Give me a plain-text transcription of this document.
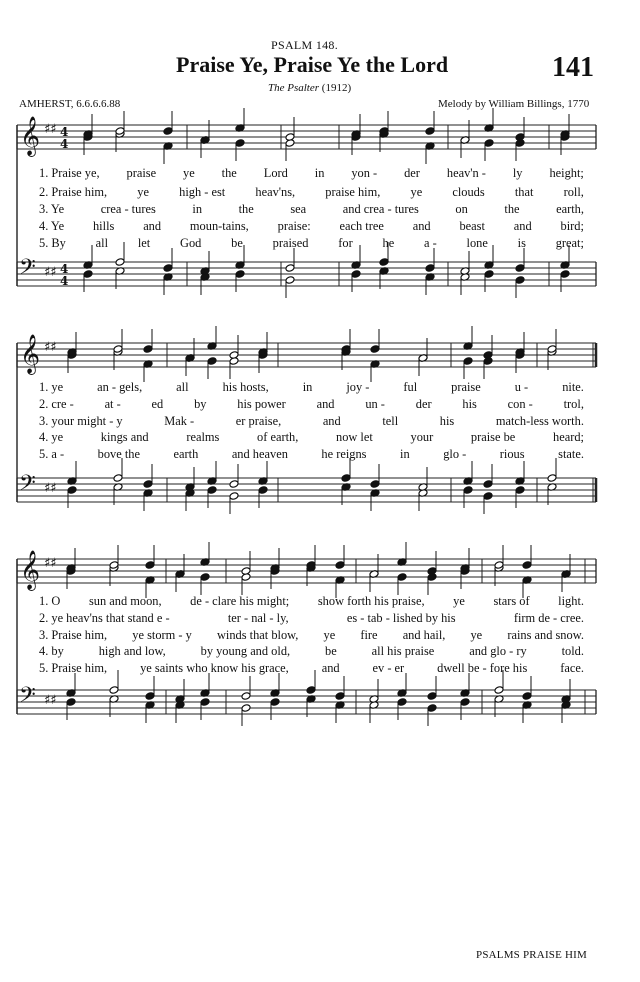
PSALM 148.
Praise Ye, Praise Ye the Lord	141
The Psalter (1912)
AMHERST, 6.6.6.6.88	Melody by William Billings, 1770
PSALMS PRAISE HIM
𝄞 ♯♯ 4
4
𝄢 ♯♯ 4
4
𝄞 ♯♯
𝄢 ♯♯
𝄞 ♯♯
𝄢 ♯♯
1. Praise ye, praise ye the Lord in yon - der heav'n - ly height;
2. Praise him, ye high - est heav'ns, praise him, ye clouds that roll,
3. Ye	crea - tures	in	the	sea	and crea - tures	on	the	earth,
4. Ye hills and moun-tains, praise: each tree and beast and bird;
5. By all let God be praised for he a - lone is great;
1. ye	an - gels,	all	his hosts,	in	joy -	ful	praise	u -	nite.
2. cre - at - ed by his power and un - der his con - trol,
3. your might - y	Mak -	er praise,	and	tell	his	match-less worth.
4. ye	kings and	realms	of earth,	now let	your	praise be	heard;
5. a -	bove the	earth	and heaven	he reigns	in	glo -	rious	state.
1. O sun and moon, de - clare his might; show forth his praise, ye stars of light.
2. ye heav'ns that stand e -	ter - nal - ly,	es - tab - lished by his	firm de - cree.
3. Praise him, ye storm - y winds that blow, ye fire and hail, ye rains and snow.
4. by	high and low,	by young and old,	be	all his praise	and glo - ry	told.
5. Praise him,	ye saints who know his grace,	and	ev - er	dwell be - fore his	face.
